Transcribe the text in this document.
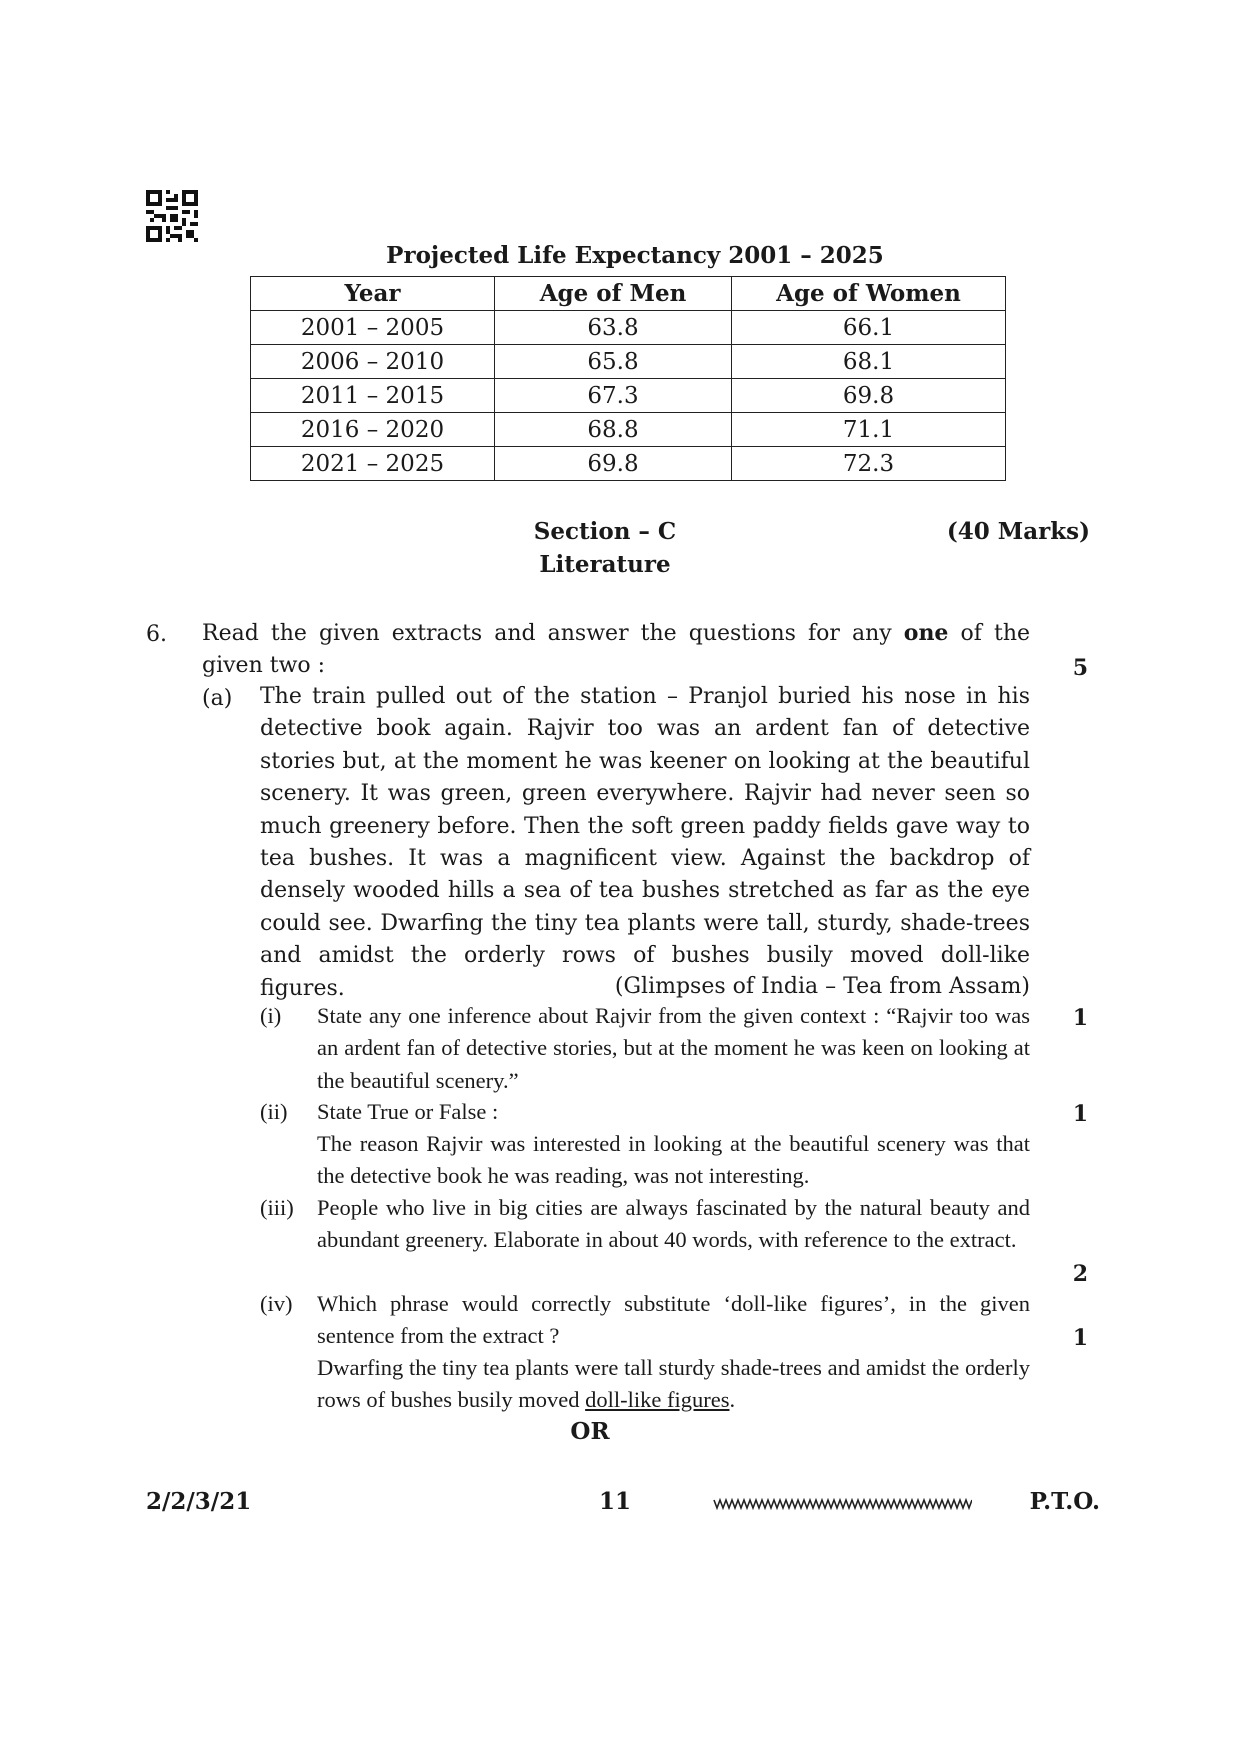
Projected Life Expectancy 2001 – 2025
Year	Age of Men	Age of Women
2001 – 2005	63.8	66.1
2006 – 2010	65.8	68.1
2011 – 2015	67.3	69.8
2016 – 2020	68.8	71.1
2021 – 2025	69.8	72.3
Section – C
Literature
(40 Marks)
6. Read the given extracts and answer the questions for any one of the given two :	5
(a) The train pulled out of the station – Pranjol buried his nose in his detective book again. Rajvir too was an ardent fan of detective stories but, at the moment he was keener on looking at the beautiful scenery. It was green, green everywhere. Rajvir had never seen so much greenery before. Then the soft green paddy fields gave way to tea bushes. It was a magnificent view. Against the backdrop of densely wooded hills a sea of tea bushes stretched as far as the eye could see. Dwarfing the tiny tea plants were tall, sturdy, shade-trees and amidst the orderly rows of bushes busily moved doll-like figures.	(Glimpses of India – Tea from Assam)
(i) State any one inference about Rajvir from the given context : “Rajvir too was an ardent fan of detective stories, but at the moment he was keen on looking at the beautiful scenery.”
1
(ii) State True or False :
The reason Rajvir was interested in looking at the beautiful scenery was that the detective book he was reading, was not interesting.
1
(iii) People who live in big cities are always fascinated by the natural beauty and abundant greenery. Elaborate in about 40 words, with reference to the extract.
2
(iv) Which phrase would correctly substitute ‘doll-like figures’, in the given sentence from the extract ?	1
Dwarfing the tiny tea plants were tall sturdy shade-trees and amidst the orderly rows of bushes busily moved doll-like figures.
OR
2/2/3/21	11	P.T.O.
